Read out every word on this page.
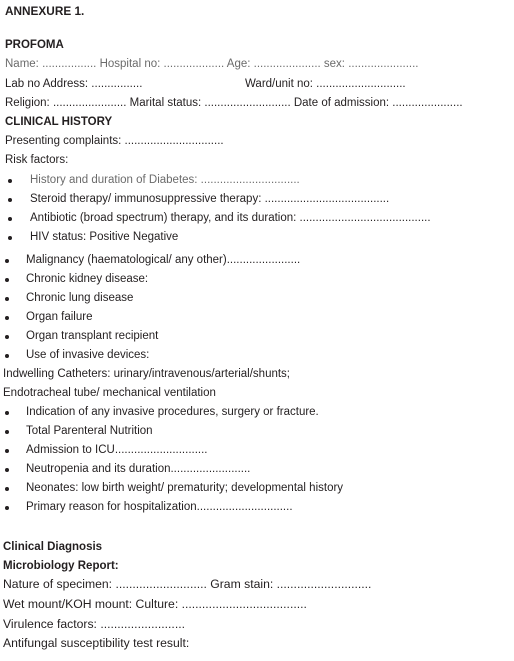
ANNEXURE 1.
PROFOMA
Name: ................. Hospital no: ................... Age: ..................... sex: ......................
Lab no Address: ................	Ward/unit no: ............................
Religion: ....................... Marital status: ........................... Date of admission: ......................
CLINICAL HISTORY
Presenting complaints: ...............................
Risk factors:
History and duration of Diabetes: ...............................
Steroid therapy/ immunosuppressive therapy: .......................................
Antibiotic (broad spectrum) therapy, and its duration: .........................................
HIV status: Positive Negative
Malignancy (haematological/ any other).......................
Chronic kidney disease:
Chronic lung disease
Organ failure
Organ transplant recipient
Use of invasive devices:
Indwelling Catheters: urinary/intravenous/arterial/shunts;
Endotracheal tube/ mechanical ventilation
Indication of any invasive procedures, surgery or fracture.
Total Parenteral Nutrition
Admission to ICU.............................
Neutropenia and its duration.........................
Neonates: low birth weight/ prematurity; developmental history
Primary reason for hospitalization..............................
Clinical Diagnosis
Microbiology Report:
Nature of specimen: ........................... Gram stain: ............................
Wet mount/KOH mount: Culture: .....................................
Virulence factors: .........................
Antifungal susceptibility test result:
